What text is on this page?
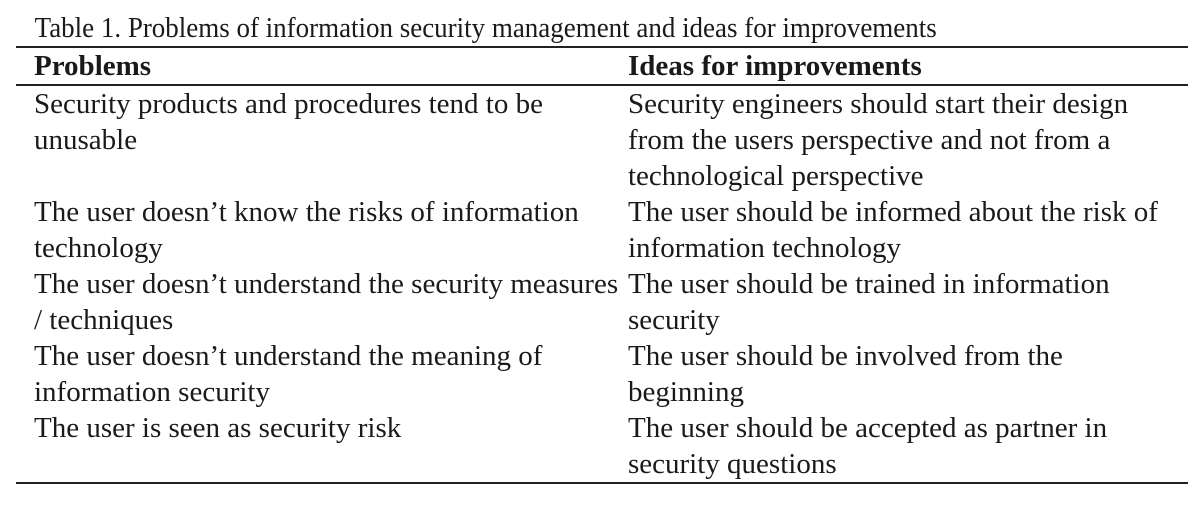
Table 1. Problems of information security management and ideas for improvements

Problems	Ideas for improvements

Security products and procedures tend to be unusable	Security engineers should start their design from the users perspective and not from a technological perspective

The user doesn’t know the risks of information technology	The user should be informed about the risk of information technology

The user doesn’t understand the security measures / techniques	The user should be trained in information security

The user doesn’t understand the meaning of information security	The user should be involved from the beginning

The user is seen as security risk	The user should be accepted as partner in security questions
